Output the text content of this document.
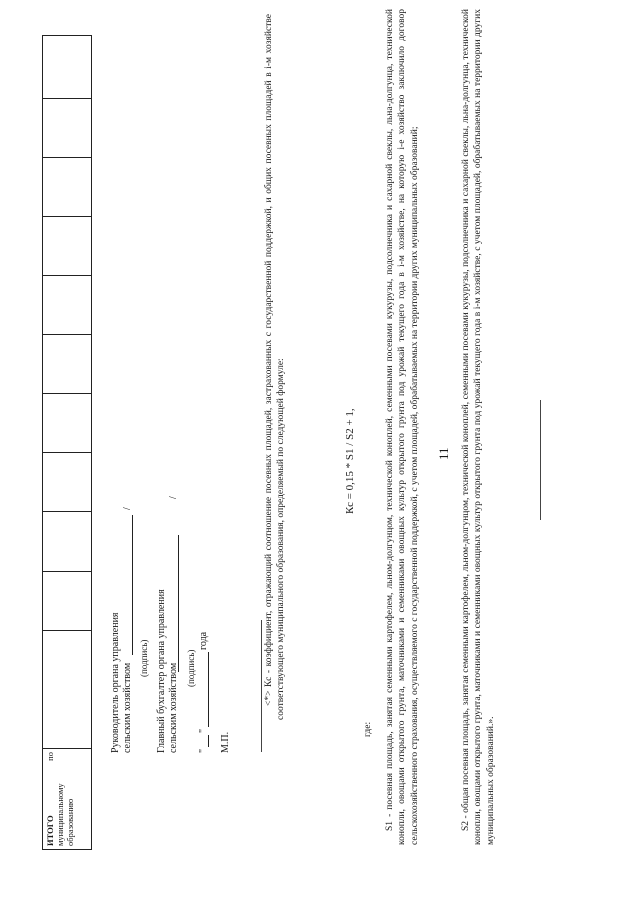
11
по
ИТОГО муниципальному образованию											
Руководитель органа управления сельским хозяйством
/
(подпись) Главный бухгалтер органа управления сельским хозяйством
/
(подпись)
"
"
года
М.П.
<*> Кс - коэффициент, отражающий соотношение посевных площадей, застрахованных с государственной поддержкой, и общих посевных площадей в i-м хозяйстве соответствующего муниципального образования, определяемый по следующей формуле:	Кс = 0,15 * S1 / S2 + 1,
где: S1 - посевная площадь, занятая семенными картофелем, льном-долгунцом, технической коноплей, семенными посевами кукурузы, подсолнечника и сахарной свеклы, льна-долгунца, технической конопли, овощами открытого грунта, маточниками и семенниками овощных культур открытого грунта под урожай текущего года в i-м хозяйстве, на которую i-е хозяйство заключило договор сельскохозяйственного страхования, осуществляемого с государственной поддержкой, с учетом площадей, обрабатываемых на территории других муниципальных образований;	S2 - общая посевная площадь, занятая семенными картофелем, льном-долгунцом, технической коноплей, семенными посевами кукурузы, подсолнечника и сахарной свеклы, льна-долгунца, технической конопли, овощами открытого грунта, маточниками и семенниками овощных культур открытого грунта под урожай текущего года в i-м хозяйстве, с учетом площадей, обрабатываемых на территории других муниципальных образований.».
